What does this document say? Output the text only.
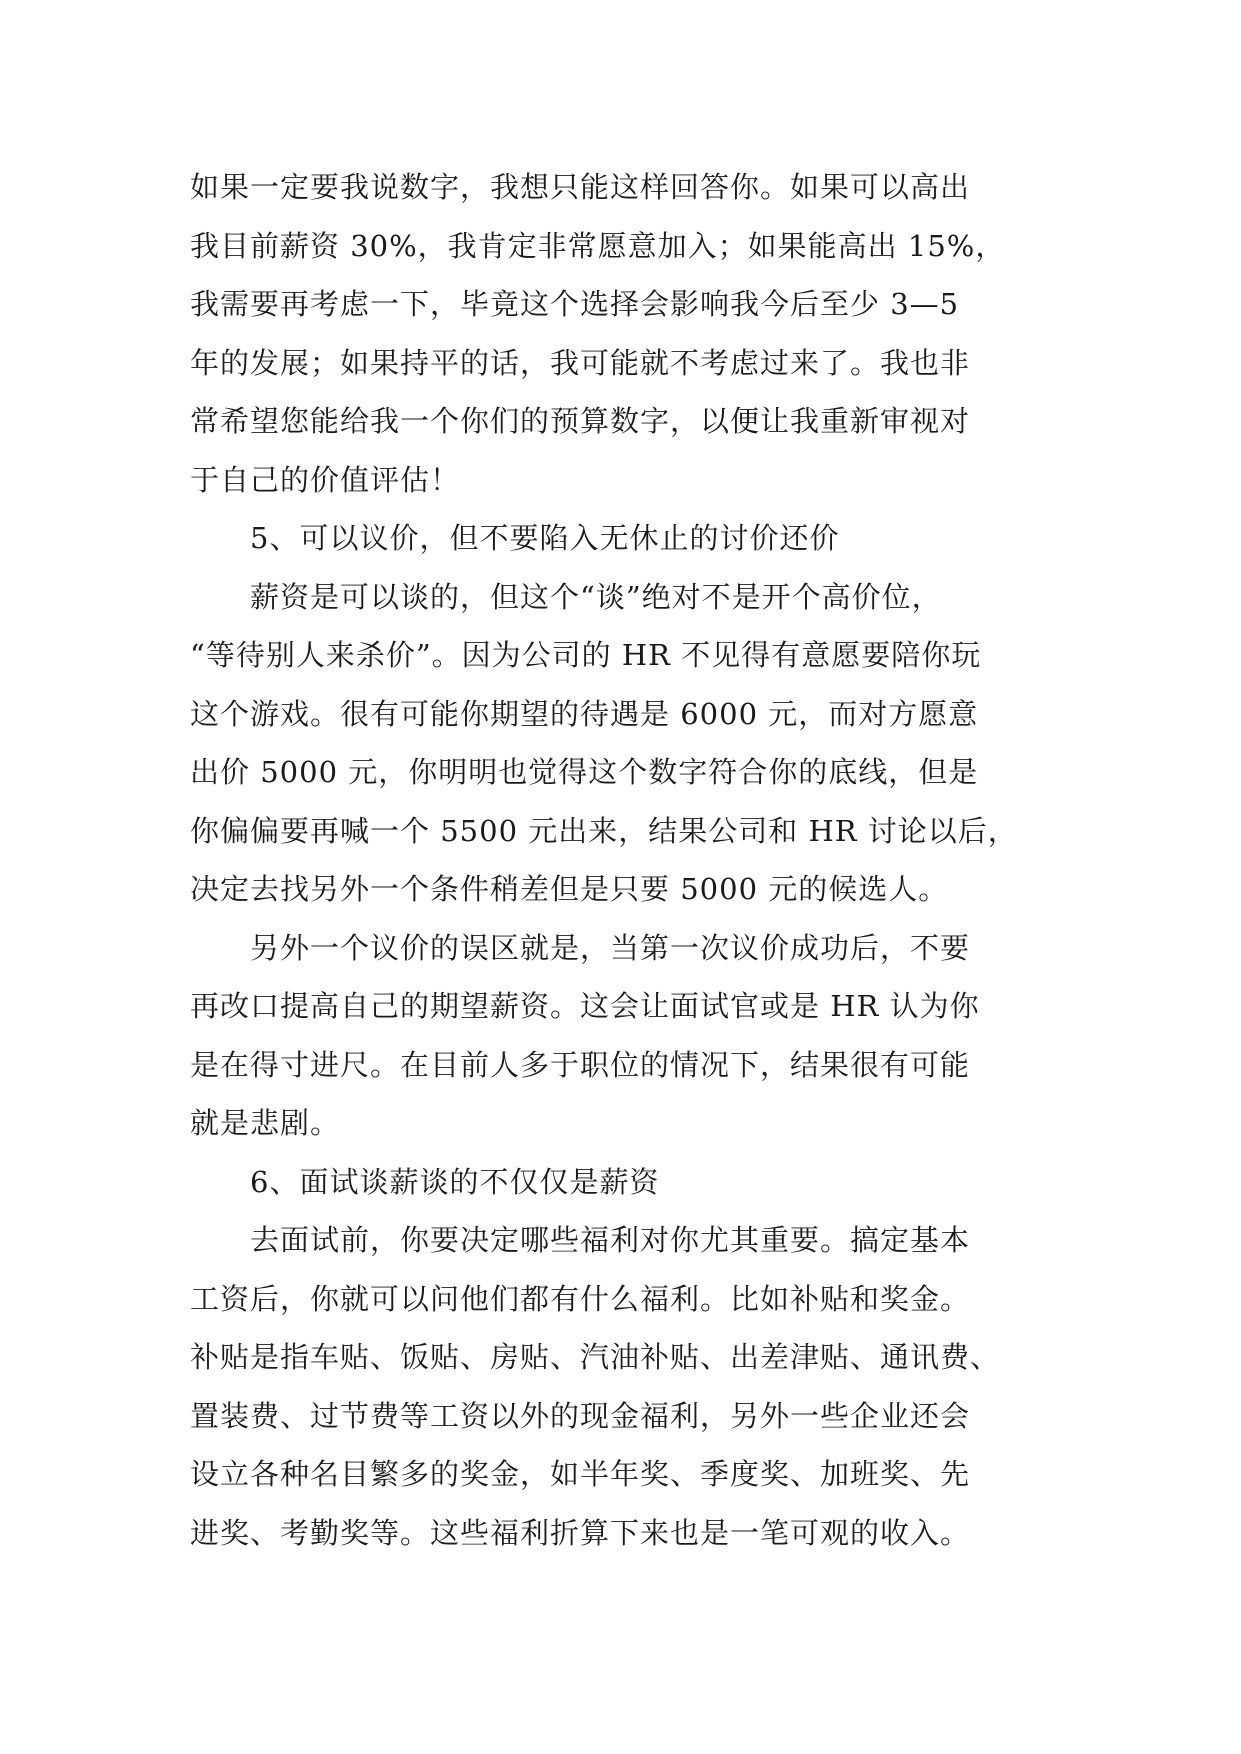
如果一定要我说数字，我想只能这样回答你。如果可以高出
我目前薪资 30%，我肯定非常愿意加入；如果能高出 15%，
我需要再考虑一下，毕竟这个选择会影响我今后至少 3—5
年的发展；如果持平的话，我可能就不考虑过来了。我也非
常希望您能给我一个你们的预算数字，以便让我重新审视对
于自己的价值评估！
5、可以议价，但不要陷入无休止的讨价还价
薪资是可以谈的，但这个“谈”绝对不是开个高价位，
“等待别人来杀价”。因为公司的 HR 不见得有意愿要陪你玩
这个游戏。很有可能你期望的待遇是 6000 元，而对方愿意
出价 5000 元，你明明也觉得这个数字符合你的底线，但是
你偏偏要再喊一个 5500 元出来，结果公司和 HR 讨论以后，
决定去找另外一个条件稍差但是只要 5000 元的候选人。
另外一个议价的误区就是，当第一次议价成功后，不要
再改口提高自己的期望薪资。这会让面试官或是 HR 认为你
是在得寸进尺。在目前人多于职位的情况下，结果很有可能
就是悲剧。
6、面试谈薪谈的不仅仅是薪资
去面试前，你要决定哪些福利对你尤其重要。搞定基本
工资后，你就可以问他们都有什么福利。比如补贴和奖金。
补贴是指车贴、饭贴、房贴、汽油补贴、出差津贴、通讯费、
置装费、过节费等工资以外的现金福利，另外一些企业还会
设立各种名目繁多的奖金，如半年奖、季度奖、加班奖、先
进奖、考勤奖等。这些福利折算下来也是一笔可观的收入。
